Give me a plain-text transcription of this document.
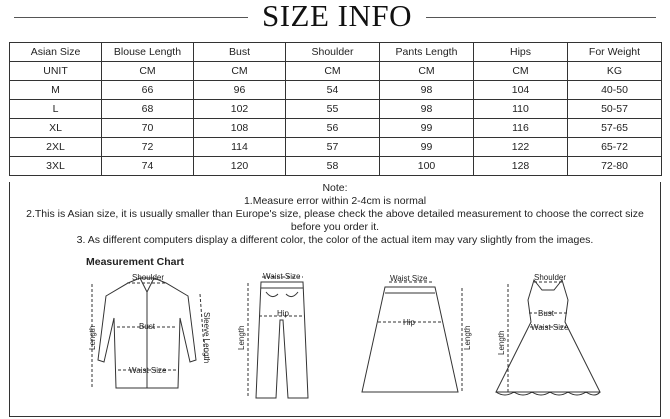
SIZE INFO
Asian Size	Blouse Length	Bust	Shoulder	Pants Length	Hips	For Weight
UNIT	CM	CM	CM	CM	CM	KG
M	66	96	54	98	104	40-50
L	68	102	55	98	110	50-57
XL	70	108	56	99	116	57-65
2XL	72	114	57	99	122	65-72
3XL	74	120	58	100	128	72-80
Note:
1.Measure error within 2-4cm is normal
2.This is Asian size, it is usually smaller than Europe's size, please check the above detailed measurement to choose the correct size
before you order it.
3. As different computers display a different color, the color of the actual item may vary slightly from the images.
Measurement Chart
Shoulder
Bust
Waist Size
Length	Sleeve Length
Waist Size
Hip
Length
Waist Size
Hip
Length
Shoulder
Bust
Waist Size
Length
